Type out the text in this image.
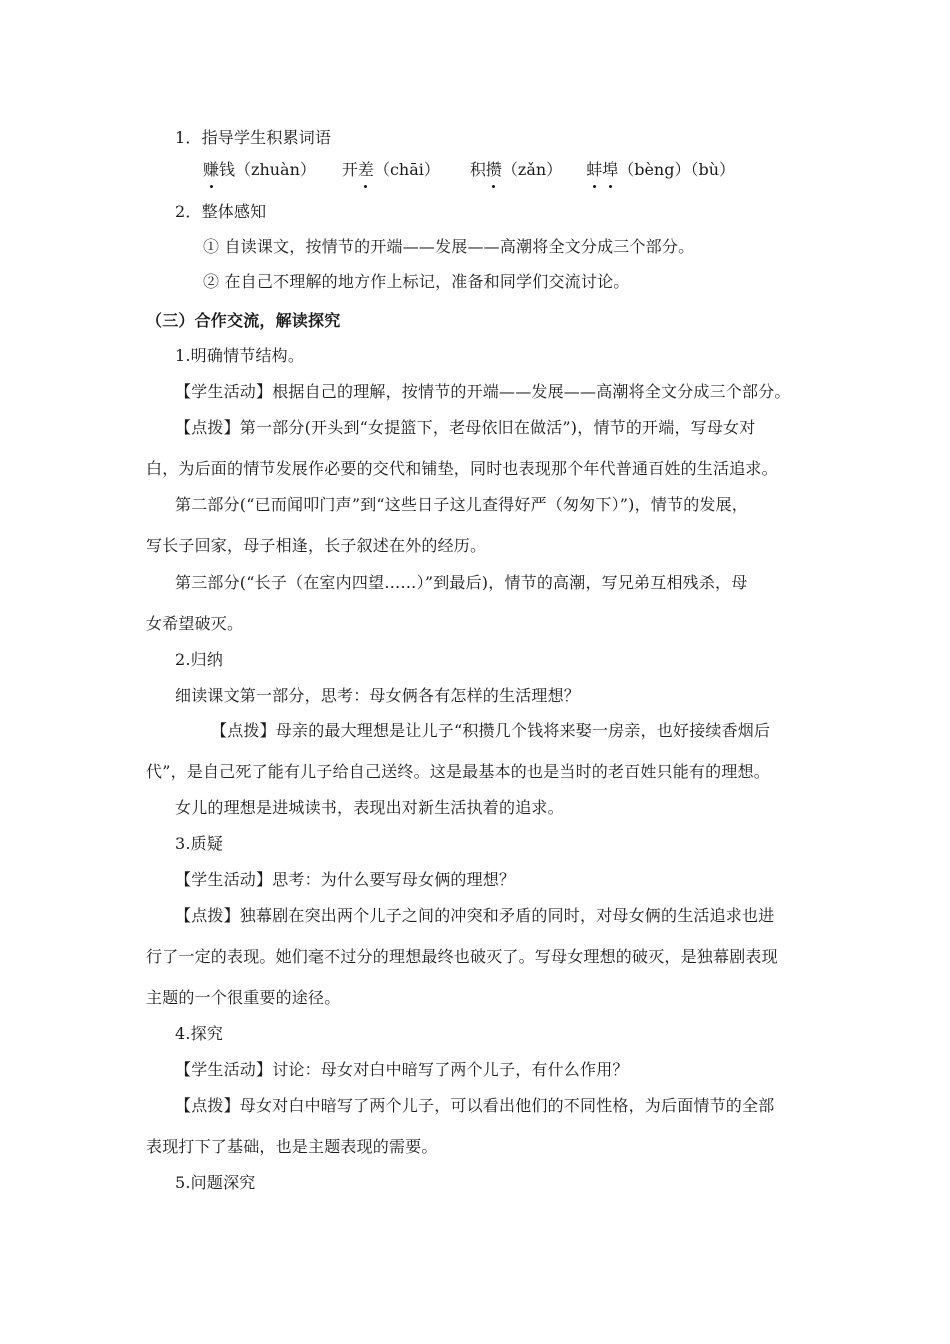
1．指导学生积累词语
赚钱（zhuàn） 开差（chāi） 积攒（zǎn） 蚌埠（bèng）（bù）
2．整体感知
① 自读课文，按情节的开端——发展——高潮将全文分成三个部分。
② 在自己不理解的地方作上标记，准备和同学们交流讨论。
（三）合作交流，解读探究
1.明确情节结构。
【学生活动】根据自己的理解，按情节的开端——发展——高潮将全文分成三个部分。
【点拨】第一部分(开头到“女提篮下，老母依旧在做活”)，情节的开端，写母女对
白，为后面的情节发展作必要的交代和铺垫，同时也表现那个年代普通百姓的生活追求。
第二部分(“已而闻叩门声”到“这些日子这儿查得好严（匆匆下）”)，情节的发展，
写长子回家，母子相逢，长子叙述在外的经历。
第三部分(“长子（在室内四望……）”到最后)，情节的高潮，写兄弟互相残杀，母
女希望破灭。
2.归纳
细读课文第一部分，思考：母女俩各有怎样的生活理想？
【点拨】母亲的最大理想是让儿子“积攒几个钱将来娶一房亲，也好接续香烟后
代”，是自己死了能有儿子给自己送终。这是最基本的也是当时的老百姓只能有的理想。
女儿的理想是进城读书，表现出对新生活执着的追求。
3.质疑
【学生活动】思考：为什么要写母女俩的理想？
【点拨】独幕剧在突出两个儿子之间的冲突和矛盾的同时，对母女俩的生活追求也进
行了一定的表现。她们毫不过分的理想最终也破灭了。写母女理想的破灭，是独幕剧表现
主题的一个很重要的途径。
4.探究
【学生活动】讨论：母女对白中暗写了两个儿子，有什么作用？
【点拨】母女对白中暗写了两个儿子，可以看出他们的不同性格，为后面情节的全部
表现打下了基础，也是主题表现的需要。
5.问题深究
